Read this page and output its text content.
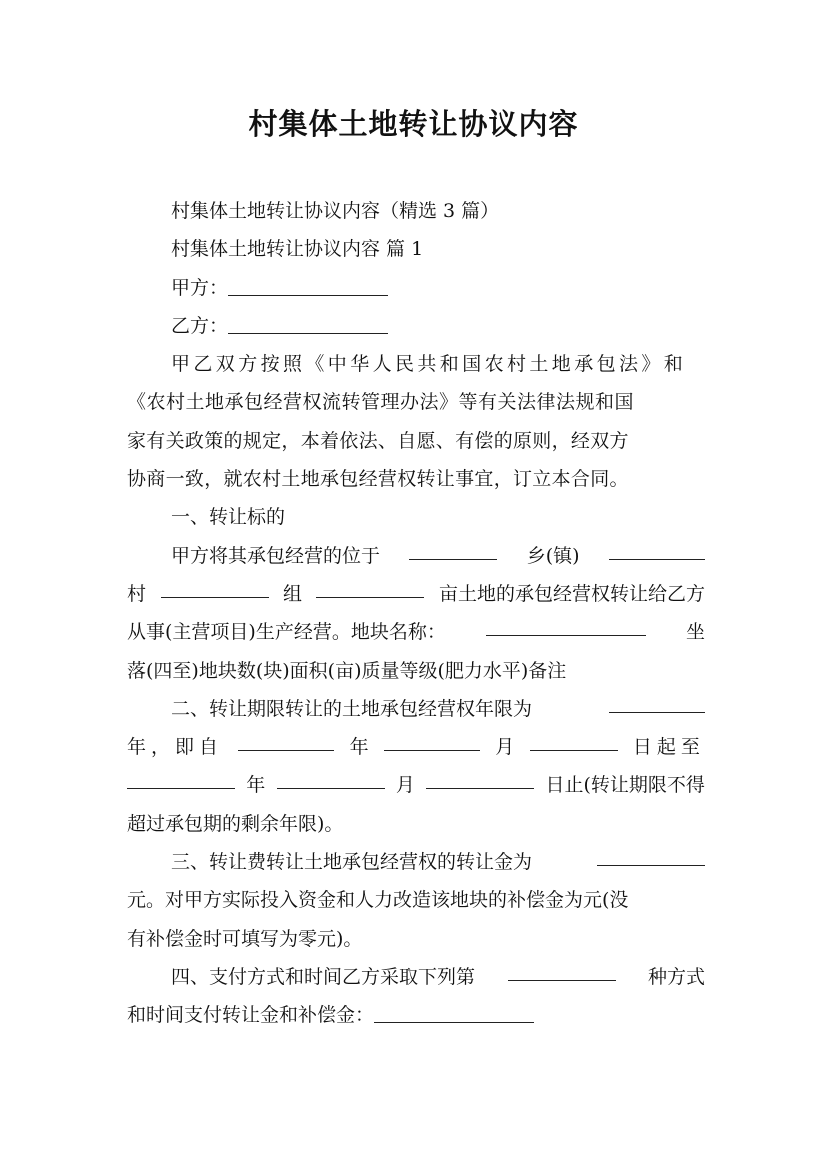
村集体土地转让协议内容
村集体土地转让协议内容（精选 3 篇）
村集体土地转让协议内容 篇 1
甲方：
乙方：
甲乙双方按照《中华人民共和国农村土地承包法》和
《农村土地承包经营权流转管理办法》等有关法律法规和国
家有关政策的规定，本着依法、自愿、有偿的原则，经双方
协商一致，就农村土地承包经营权转让事宜，订立本合同。
一、转让标的
甲方将其承包经营的位于	乡(镇)
村	组	亩土地的承包经营权转让给乙方
从事(主营项目)生产经营。地块名称：	坐
落(四至)地块数(块)面积(亩)质量等级(肥力水平)备注
二、转让期限转让的土地承包经营权年限为
年，即自	年	月	日起至
年	月	日止(转让期限不得
超过承包期的剩余年限)。
三、转让费转让土地承包经营权的转让金为
元。对甲方实际投入资金和人力改造该地块的补偿金为元(没
有补偿金时可填写为零元)。
四、支付方式和时间乙方采取下列第	种方式
和时间支付转让金和补偿金：
